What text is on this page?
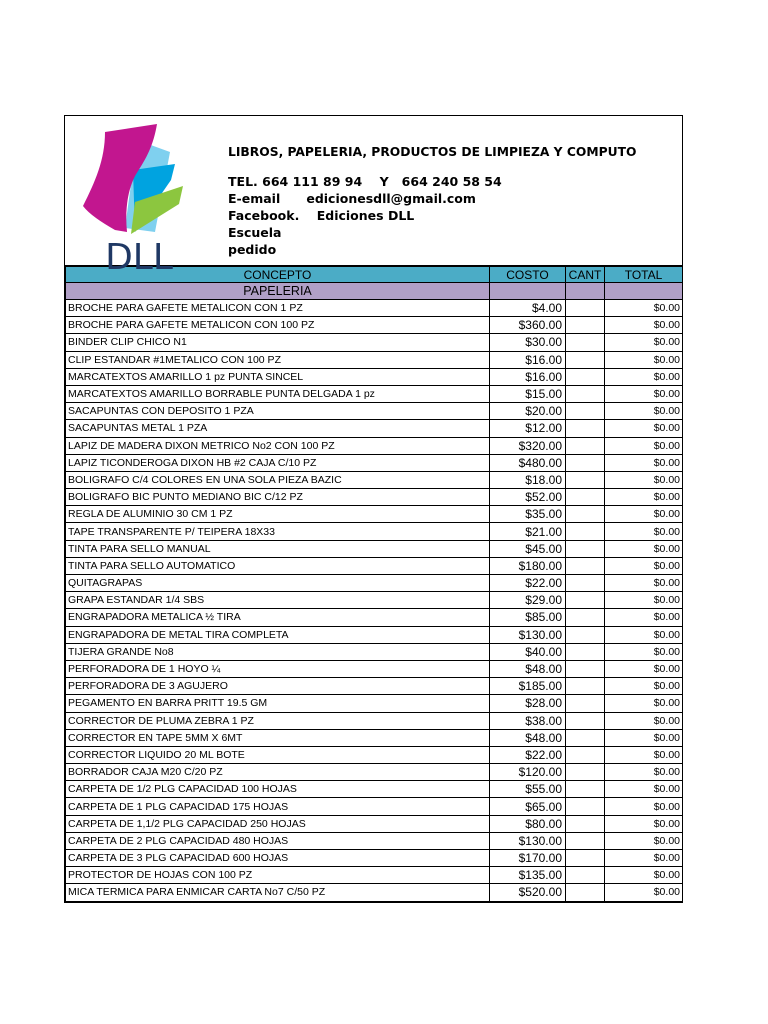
DLL
LIBROS, PAPELERIA, PRODUCTOS DE LIMPIEZA Y COMPUTO
TEL. 664 111 89 94    Y   664 240 58 54
E-email      edicionesdll@gmail.com
Facebook.    Ediciones DLL
Escuela
pedido
CONCEPTO	COSTO	CANT	TOTAL
PAPELERIA			
BROCHE PARA GAFETE METALICON CON 1 PZ	$4.00		$0.00
BROCHE PARA GAFETE METALICON CON 100 PZ	$360.00		$0.00
BINDER CLIP CHICO N1	$30.00		$0.00
CLIP ESTANDAR #1METALICO CON 100 PZ	$16.00		$0.00
MARCATEXTOS AMARILLO 1 pz PUNTA SINCEL	$16.00		$0.00
MARCATEXTOS AMARILLO BORRABLE PUNTA DELGADA 1 pz	$15.00		$0.00
SACAPUNTAS CON DEPOSITO 1 PZA	$20.00		$0.00
SACAPUNTAS METAL 1 PZA	$12.00		$0.00
LAPIZ DE MADERA DIXON METRICO No2 CON 100 PZ	$320.00		$0.00
LAPIZ TICONDEROGA DIXON HB #2 CAJA C/10 PZ	$480.00		$0.00
BOLIGRAFO C/4 COLORES EN UNA SOLA PIEZA BAZIC	$18.00		$0.00
BOLIGRAFO BIC PUNTO MEDIANO BIC C/12 PZ	$52.00		$0.00
REGLA DE ALUMINIO 30 CM 1 PZ	$35.00		$0.00
TAPE TRANSPARENTE P/ TEIPERA 18X33	$21.00		$0.00
TINTA PARA SELLO MANUAL	$45.00		$0.00
TINTA PARA SELLO AUTOMATICO	$180.00		$0.00
QUITAGRAPAS	$22.00		$0.00
GRAPA ESTANDAR 1/4 SBS	$29.00		$0.00
ENGRAPADORA METALICA ½ TIRA	$85.00		$0.00
ENGRAPADORA DE METAL TIRA COMPLETA	$130.00		$0.00
TIJERA GRANDE No8	$40.00		$0.00
PERFORADORA DE 1 HOYO ¼	$48.00		$0.00
PERFORADORA DE 3 AGUJERO	$185.00		$0.00
PEGAMENTO EN BARRA PRITT 19.5 GM	$28.00		$0.00
CORRECTOR DE PLUMA ZEBRA 1 PZ	$38.00		$0.00
CORRECTOR EN TAPE 5MM X 6MT	$48.00		$0.00
CORRECTOR LIQUIDO 20 ML BOTE	$22.00		$0.00
BORRADOR CAJA M20 C/20 PZ	$120.00		$0.00
CARPETA DE 1/2 PLG CAPACIDAD 100 HOJAS	$55.00		$0.00
CARPETA DE 1 PLG CAPACIDAD 175 HOJAS	$65.00		$0.00
CARPETA DE 1,1/2 PLG CAPACIDAD 250 HOJAS	$80.00		$0.00
CARPETA DE 2 PLG CAPACIDAD 480 HOJAS	$130.00		$0.00
CARPETA DE 3 PLG CAPACIDAD 600 HOJAS	$170.00		$0.00
PROTECTOR DE HOJAS CON 100 PZ	$135.00		$0.00
MICA TERMICA PARA ENMICAR CARTA No7 C/50 PZ	$520.00		$0.00
